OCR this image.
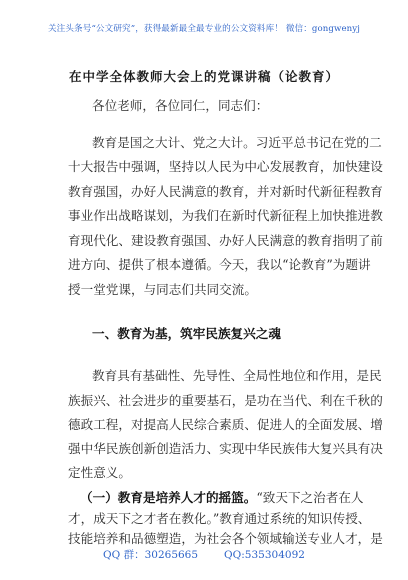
关注头条号“公文研究”，获得最新最全最专业的公文资料库！ 微信：gongwenyj
在中学全体教师大会上的党课讲稿（论教育）
各位老师，各位同仁，同志们：
教育是国之大计、党之大计。习近平总书记在党的二
十大报告中强调，坚持以人民为中心发展教育，加快建设
教育强国，办好人民满意的教育，并对新时代新征程教育
事业作出战略谋划，为我们在新时代新征程上加快推进教
育现代化、建设教育强国、办好人民满意的教育指明了前
进方向、提供了根本遵循。今天，我以“论教育”为题讲
授一堂党课，与同志们共同交流。
一、教育为基，筑牢民族复兴之魂
教育具有基础性、先导性、全局性地位和作用，是民
族振兴、社会进步的重要基石，是功在当代、利在千秋的
德政工程，对提高人民综合素质、促进人的全面发展、增
强中华民族创新创造活力、实现中华民族伟大复兴具有决
定性意义。
（一）教育是培养人才的摇篮。“致天下之治者在人
才，成天下之才者在教化。”教育通过系统的知识传授、
技能培养和品德塑造，为社会各个领域输送专业人才，是
QQ 群：30265665 QQ:535304092
